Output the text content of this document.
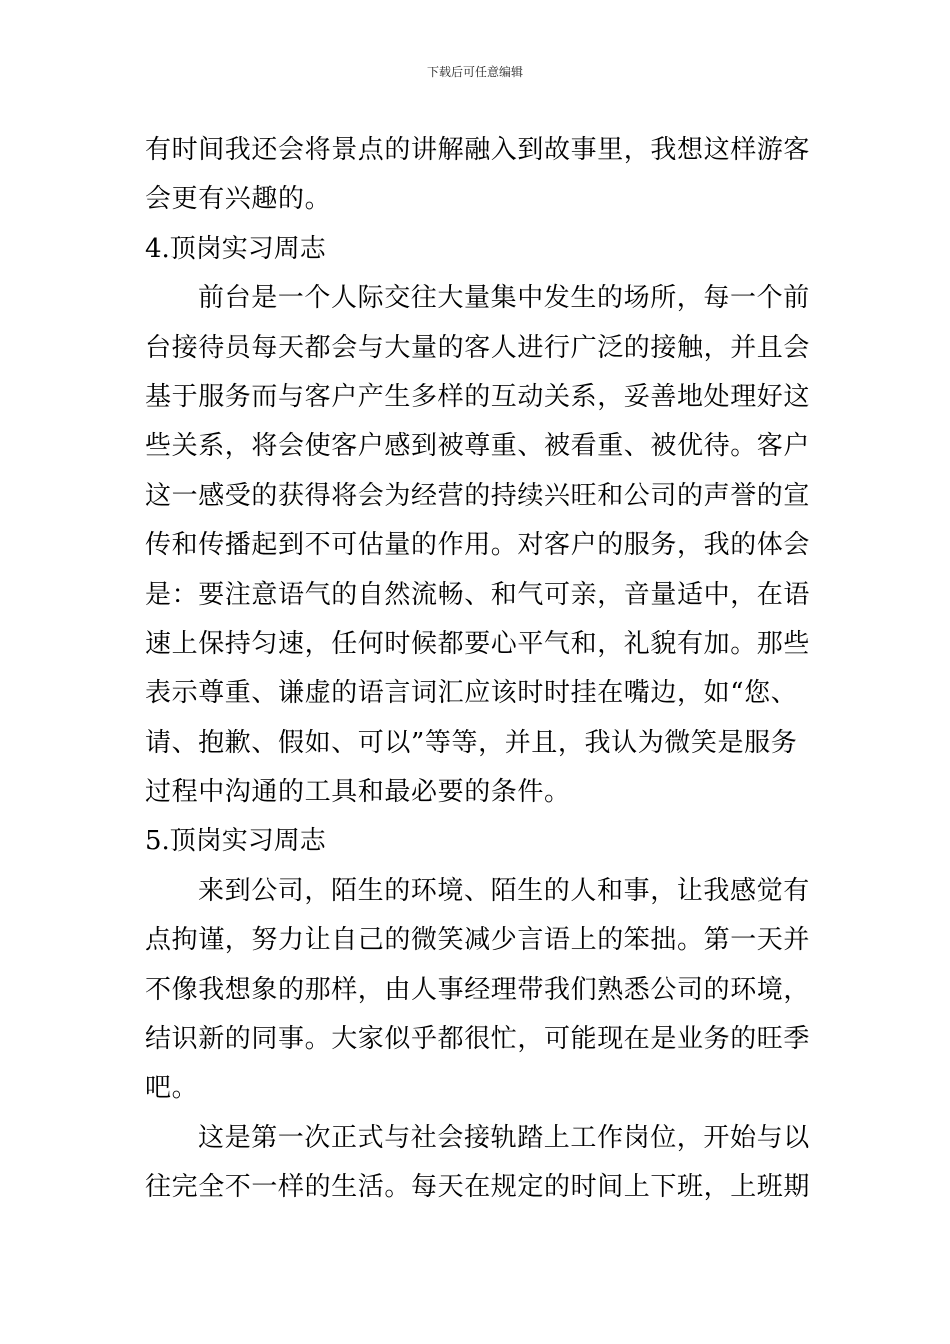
下载后可任意编辑
有时间我还会将景点的讲解融入到故事里，我想这样游客
会更有兴趣的。
4.顶岗实习周志
前台是一个人际交往大量集中发生的场所，每一个前
台接待员每天都会与大量的客人进行广泛的接触，并且会
基于服务而与客户产生多样的互动关系，妥善地处理好这
些关系，将会使客户感到被尊重、被看重、被优待。客户
这一感受的获得将会为经营的持续兴旺和公司的声誉的宣
传和传播起到不可估量的作用。对客户的服务，我的体会
是：要注意语气的自然流畅、和气可亲，音量适中，在语
速上保持匀速，任何时候都要心平气和，礼貌有加。那些
表示尊重、谦虚的语言词汇应该时时挂在嘴边，如“您、
请、抱歉、假如、可以”等等，并且，我认为微笑是服务
过程中沟通的工具和最必要的条件。
5.顶岗实习周志
来到公司，陌生的环境、陌生的人和事，让我感觉有
点拘谨，努力让自己的微笑减少言语上的笨拙。第一天并
不像我想象的那样，由人事经理带我们熟悉公司的环境，
结识新的同事。大家似乎都很忙，可能现在是业务的旺季
吧。
这是第一次正式与社会接轨踏上工作岗位，开始与以
往完全不一样的生活。每天在规定的时间上下班，上班期
